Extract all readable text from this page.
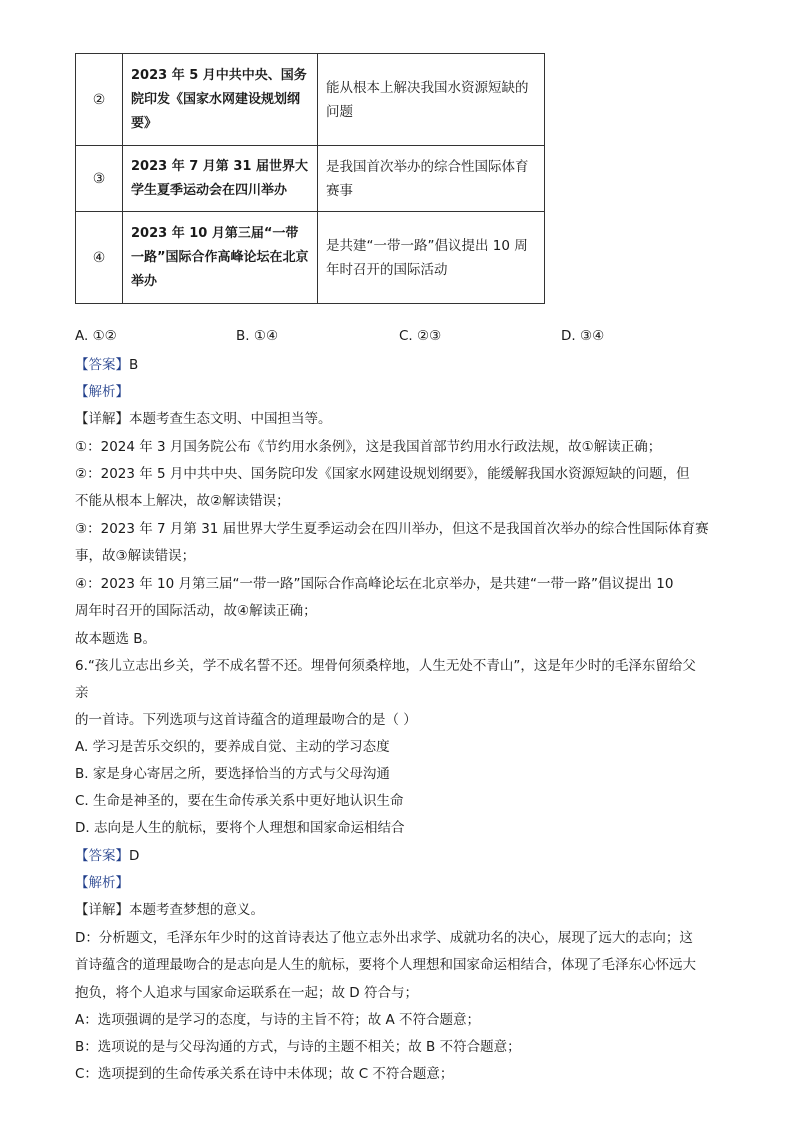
②	2023 年 5 月中共中央、国务院印发《国家水网建设规划纲要》	能从根本上解决我国水资源短缺的问题
③	2023 年 7 月第 31 届世界大学生夏季运动会在四川举办	是我国首次举办的综合性国际体育赛事
④	2023 年 10 月第三届“一带一路”国际合作高峰论坛在北京举办	是共建“一带一路”倡议提出 10 周年时召开的国际活动
A. ①②	B. ①④	C. ②③	D. ③④
【答案】B
【解析】
【详解】本题考查生态文明、中国担当等。
①：2024 年 3 月国务院公布《节约用水条例》，这是我国首部节约用水行政法规，故①解读正确；
②：2023 年 5 月中共中央、国务院印发《国家水网建设规划纲要》，能缓解我国水资源短缺的问题，但
不能从根本上解决，故②解读错误；
③：2023 年 7 月第 31 届世界大学生夏季运动会在四川举办，但这不是我国首次举办的综合性国际体育赛
事，故③解读错误；
④：2023 年 10 月第三届“一带一路”国际合作高峰论坛在北京举办，是共建“一带一路”倡议提出 10
周年时召开的国际活动，故④解读正确；
故本题选 B。
6.“孩儿立志出乡关，学不成名誓不还。埋骨何须桑梓地，人生无处不青山”，这是年少时的毛泽东留给父
亲
的一首诗。下列选项与这首诗蕴含的道理最吻合的是（ ）
A. 学习是苦乐交织的，要养成自觉、主动的学习态度
B. 家是身心寄居之所，要选择恰当的方式与父母沟通
C. 生命是神圣的，要在生命传承关系中更好地认识生命
D. 志向是人生的航标，要将个人理想和国家命运相结合
【答案】D
【解析】
【详解】本题考查梦想的意义。
D：分析题文，毛泽东年少时的这首诗表达了他立志外出求学、成就功名的决心，展现了远大的志向；这
首诗蕴含的道理最吻合的是志向是人生的航标，要将个人理想和国家命运相结合，体现了毛泽东心怀远大
抱负，将个人追求与国家命运联系在一起；故 D 符合与；
A：选项强调的是学习的态度，与诗的主旨不符；故 A 不符合题意；
B：选项说的是与父母沟通的方式，与诗的主题不相关；故 B 不符合题意；
C：选项提到的生命传承关系在诗中未体现；故 C 不符合题意；
